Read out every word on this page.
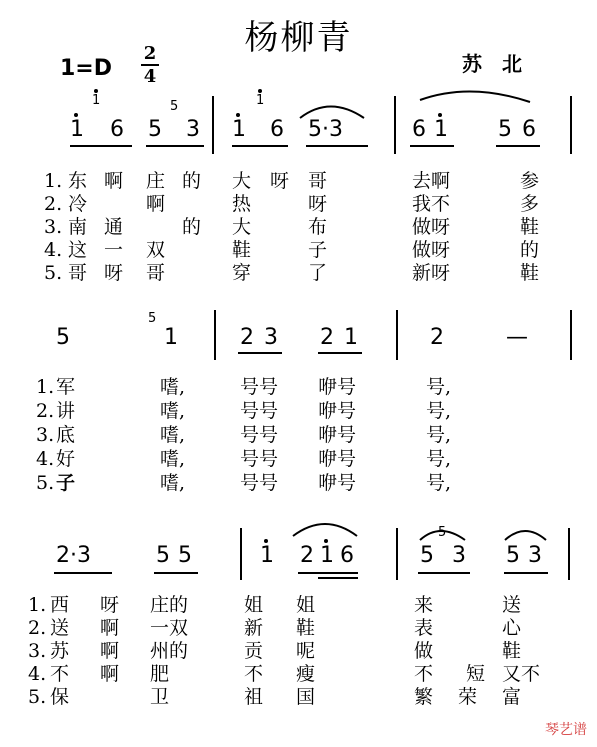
杨柳青
1=D
2
4
苏北
1	5	1
1 6 5 3 1 6 5·3	6 1 5 6
1. 东 啊 庄 的 大 呀 哥	去啊	参
2. 冷	啊	热	呀	我不	多
3. 南 通	的 大	布	做呀	鞋
4. 这 一 双	鞋	子	做呀	的
5. 哥 呀 哥	穿	了	新呀	鞋
5
5
1	2 3 2 1	2	—
1. 军	嗜,	号号 咿号	号,
2. 讲	嗜,	号号 咿号	号,
3. 底	嗜,	号号 咿号	号,
4. 好	嗜,	号号 咿号	号,
5. 子	嗜,	号号 咿号	号,
2·3	5 5	1 2 1 6
5
5 3 5 3
1. 西 呀 庄的	姐 姐	来	送
2. 送 啊 一双	新 鞋	表	心
3. 苏 啊 州的	贡 呢	做	鞋
4. 不 啊 肥	不 瘦	不 短 又不
5. 保	卫	祖 国	繁 荣 富
琴艺谱
